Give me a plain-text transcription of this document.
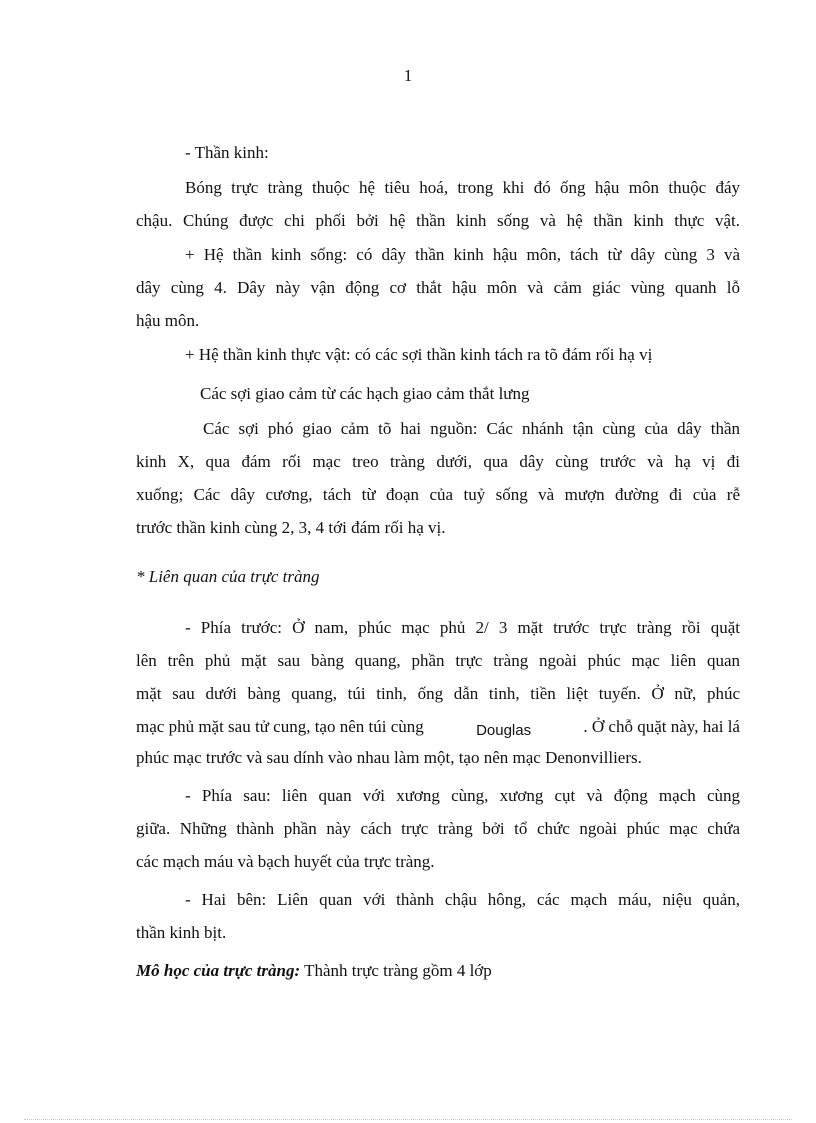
1
- Thần kinh:
Bóng trực tràng thuộc hệ tiêu hoá, trong khi đó ống hậu môn thuộc đáy
chậu. Chúng được chi phối bởi hệ thần kinh sống và hệ thần kinh thực vật.
+ Hệ thần kinh sống: có dây thần kinh hậu môn, tách từ dây cùng 3 và
dây cùng 4. Dây này vận động cơ thắt hậu môn và cảm giác vùng quanh lỗ
hậu môn.
+ Hệ thần kinh thực vật: có các sợi thần kinh tách ra tõ đám rối hạ vị
Các sợi giao cảm từ các hạch giao cảm thắt lưng
Các sợi phó giao cảm tõ hai nguồn: Các nhánh tận cùng của dây thần
kinh X, qua đám rối mạc treo tràng dưới, qua dây cùng trước và hạ vị đi
xuống; Các dây cương, tách từ đoạn của tuỷ sống và mượn đường đi của rễ
trước thần kinh cùng 2, 3, 4 tới đám rối hạ vị.
* Liên quan của trực tràng
- Phía trước: Ở nam, phúc mạc phủ 2/ 3 mặt trước trực tràng rồi quặt
lên trên phủ mặt sau bàng quang, phần trực tràng ngoài phúc mạc liên quan
mặt sau dưới bàng quang, túi tinh, ống dẫn tinh, tiền liệt tuyến. Ở nữ, phúc
mạc phủ mặt sau tử cung, tạo nên túi cùng	Douglas	. Ở chỗ quặt này, hai lá
phúc mạc trước và sau dính vào nhau làm một, tạo nên mạc Denonvilliers.
- Phía sau: liên quan với xương cùng, xương cụt và động mạch cùng
giữa. Những thành phần này cách trực tràng bởi tổ chức ngoài phúc mạc chứa
các mạch máu và bạch huyết của trực tràng.
- Hai bên: Liên quan với thành chậu hông, các mạch máu, niệu quản,
thần kinh bịt.
Mô học của trực tràng: Thành trực tràng gồm 4 lớp
